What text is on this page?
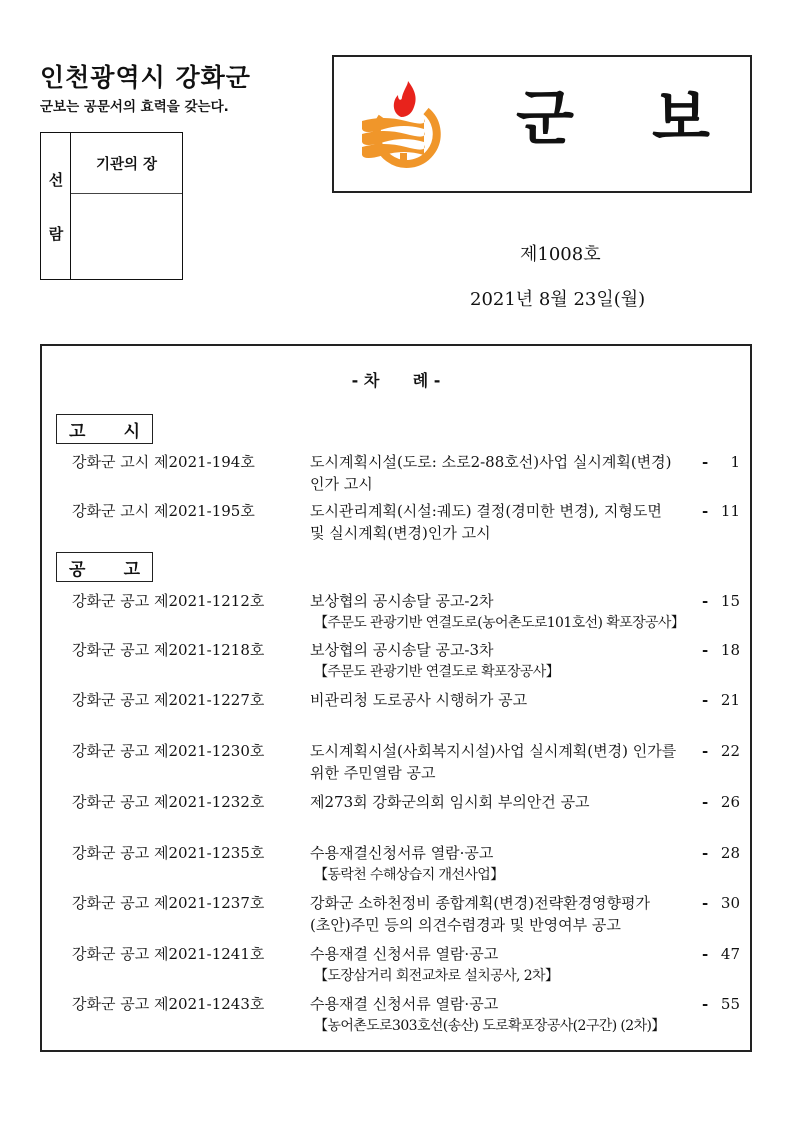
인천광역시 강화군
군보는 공문서의 효력을 갖는다.
선
람
기관의 장
군 보
제1008호
2021년 8월 23일(월)
- 차      례 -
고 시
강화군 고시 제2021-194호	도시계획시설(도로: 소로2-88호선)사업 실시계획(변경)
인가 고시
-	1
강화군 고시 제2021-195호	도시관리계획(시설:궤도) 결정(경미한 변경), 지형도면
및 실시계획(변경)인가 고시
- 11
공 고
강화군 공고 제2021-1212호	보상협의 공시송달 공고-2차
【주문도 관광기반 연결도로(농어촌도로101호선) 확포장공사】
- 15
강화군 공고 제2021-1218호	보상협의 공시송달 공고-3차
【주문도 관광기반 연결도로 확포장공사】
- 18
강화군 공고 제2021-1227호	비관리청 도로공사 시행허가 공고	- 21
강화군 공고 제2021-1230호	도시계획시설(사회복지시설)사업 실시계획(변경) 인가를
위한 주민열람 공고
- 22
강화군 공고 제2021-1232호	제273회 강화군의회 임시회 부의안건 공고	- 26
강화군 공고 제2021-1235호	수용재결신청서류 열람·공고
【동락천 수해상습지 개선사업】
- 28
강화군 공고 제2021-1237호	강화군 소하천정비 종합계획(변경)전략환경영향평가
(초안)주민 등의 의견수렴경과 및 반영여부 공고
- 30
강화군 공고 제2021-1241호	수용재결 신청서류 열람·공고
【도장삼거리 회전교차로 설치공사, 2차】
- 47
강화군 공고 제2021-1243호	수용재결 신청서류 열람·공고
【농어촌도로303호선(송산) 도로확포장공사(2구간) (2차)】
- 55
